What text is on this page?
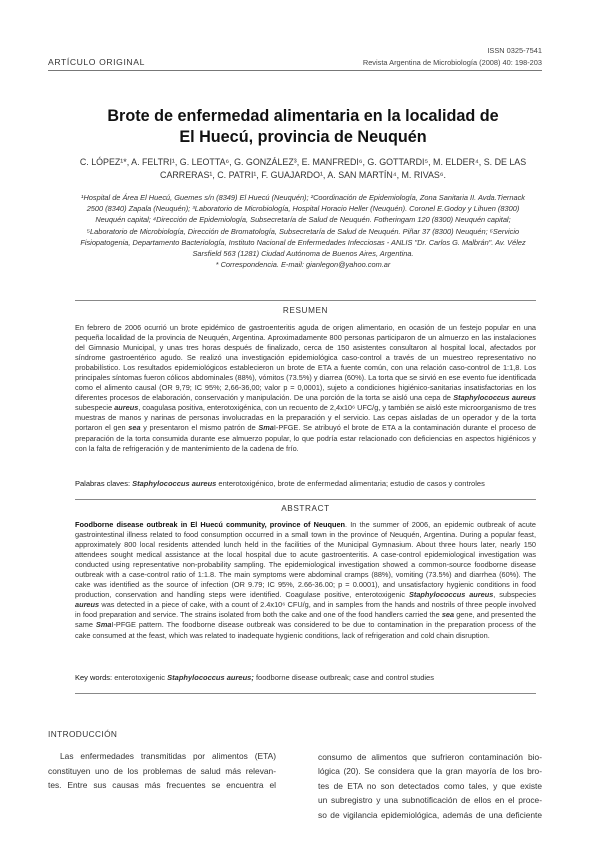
ARTÍCULO ORIGINAL
ISSN 0325-7541
Revista Argentina de Microbiología (2008) 40: 198-203
Brote de enfermedad alimentaria en la localidad de
El Huecú, provincia de Neuquén
C. LÓPEZ¹*, A. FELTRI¹, G. LEOTTA⁶, G. GONZÁLEZ³, E. MANFREDI⁶, G. GOTTARDI⁵, M. ELDER⁴, S. DE LAS
CARRERAS¹, C. PATRI¹, F. GUAJARDO¹, A. SAN MARTÍN⁴, M. RIVAS⁶.
¹Hospital de Área El Huecú, Guemes s/n (8349) El Huecú (Neuquén); ²Coordinación de Epidemiología, Zona Sanitaria II. Avda.Tiernack 2500 (8340) Zapala (Neuquén); ³Laboratorio de Microbiología, Hospital Horacio Heller (Neuquén). Coronel E.Godoy y Lihuen (8300) Neuquén capital; ⁴Dirección de Epidemiología, Subsecretaría de Salud de Neuquén. Fotheringam 120 (8300) Neuquén capital; ⁵Laboratorio de Microbiología, Dirección de Bromatología, Subsecretaría de Salud de Neuquén. Piñar 37 (8300) Neuquén; ⁶Servicio Fisiopatogenia, Departamento Bacteriología, Instituto Nacional de Enfermedades Infecciosas - ANLIS "Dr. Carlos G. Malbrán". Av. Vélez Sarsfield 563 (1281) Ciudad Autónoma de Buenos Aires, Argentina.
* Correspondencia. E-mail: gianlegon@yahoo.com.ar
RESUMEN
En febrero de 2006 ocurrió un brote epidémico de gastroenteritis aguda de origen alimentario, en ocasión de un festejo popular en una pequeña localidad de la provincia de Neuquén, Argentina. Aproximadamente 800 personas participaron de un almuerzo en las instalaciones del Gimnasio Municipal, y unas tres horas después de finalizado, cerca de 150 asistentes consultaron al hospital local, afectados por síndrome gastroentérico agudo. Se realizó una investigación epidemiológica caso-control a través de un muestreo representativo no probabilístico. Los resultados epidemiológicos establecieron un brote de ETA a fuente común, con una relación caso-control de 1:1,8. Los principales síntomas fueron cólicos abdominales (88%), vómitos (73.5%) y diarrea (60%). La torta que se sirvió en ese evento fue identificada como el alimento causal (OR 9,79; IC 95%; 2,66-36,00; valor p = 0,0001), sujeto a condiciones higiénico-sanitarias insatisfactorias en los diferentes procesos de elaboración, conservación y manipulación. De una porción de la torta se aisló una cepa de Staphylococcus aureus subespecie aureus, coagulasa positiva, enterotoxigénica, con un recuento de 2,4x10⁶ UFC/g, y también se aisló este microorganismo de tres muestras de manos y narinas de personas involucradas en la preparación y el servicio. Las cepas aisladas de un operador y de la torta portaron el gen sea y presentaron el mismo patrón de SmaI-PFGE. Se atribuyó el brote de ETA a la contaminación durante el proceso de preparación de la torta consumida durante ese almuerzo popular, lo que podría estar relacionado con deficiencias en aspectos higiénicos y con la falta de refrigeración y de mantenimiento de la cadena de frío.
Palabras claves: Staphylococcus aureus enterotoxigénico, brote de enfermedad alimentaria; estudio de casos y controles
ABSTRACT
Foodborne disease outbreak in El Huecú community, province of Neuquen. In the summer of 2006, an epidemic outbreak of acute gastrointestinal illness related to food consumption occurred in a small town in the province of Neuquén, Argentina. During a popular feast, approximately 800 local residents attended lunch held in the facilities of the Municipal Gymnasium. About three hours later, nearly 150 attendees sought medical assistance at the local hospital due to acute gastroenteritis. A case-control epidemiological investigation was conducted using representative non-probability sampling. The epidemiological investigation showed a common-source foodborne disease outbreak with a case-control ratio of 1:1.8. The main symptoms were abdominal cramps (88%), vomiting (73.5%) and diarrhea (60%). The cake was identified as the source of infection (OR 9.79; IC 95%, 2.66-36.00; p = 0.0001), and unsatisfactory hygienic conditions in food production, conservation and handling steps were identified. Coagulase positive, enterotoxigenic Staphylococcus aureus, subspecies aureus was detected in a piece of cake, with a count of 2.4x10⁶ CFU/g, and in samples from the hands and nostrils of three people involved in food preparation and service. The strains isolated from both the cake and one of the food handlers carried the sea gene, and presented the same SmaI-PFGE pattern. The foodborne disease outbreak was considered to be due to contamination in the preparation process of the cake consumed at the feast, which was related to inadequate hygienic conditions, lack of refrigeration and cold chain disruption.
Key words: enterotoxigenic Staphylococcus aureus; foodborne disease outbreak; case and control studies
INTRODUCCIÓN
Las enfermedades transmitidas por alimentos (ETA)
constituyen uno de los problemas de salud más relevan-
tes. Entre sus causas más frecuentes se encuentra el
consumo de alimentos que sufrieron contaminación bio-
lógica (20). Se considera que la gran mayoría de los bro-
tes de ETA no son detectados como tales, y que existe
un subregistro y una subnotificación de ellos en el proce-
so de vigilancia epidemiológica, además de una deficiente
